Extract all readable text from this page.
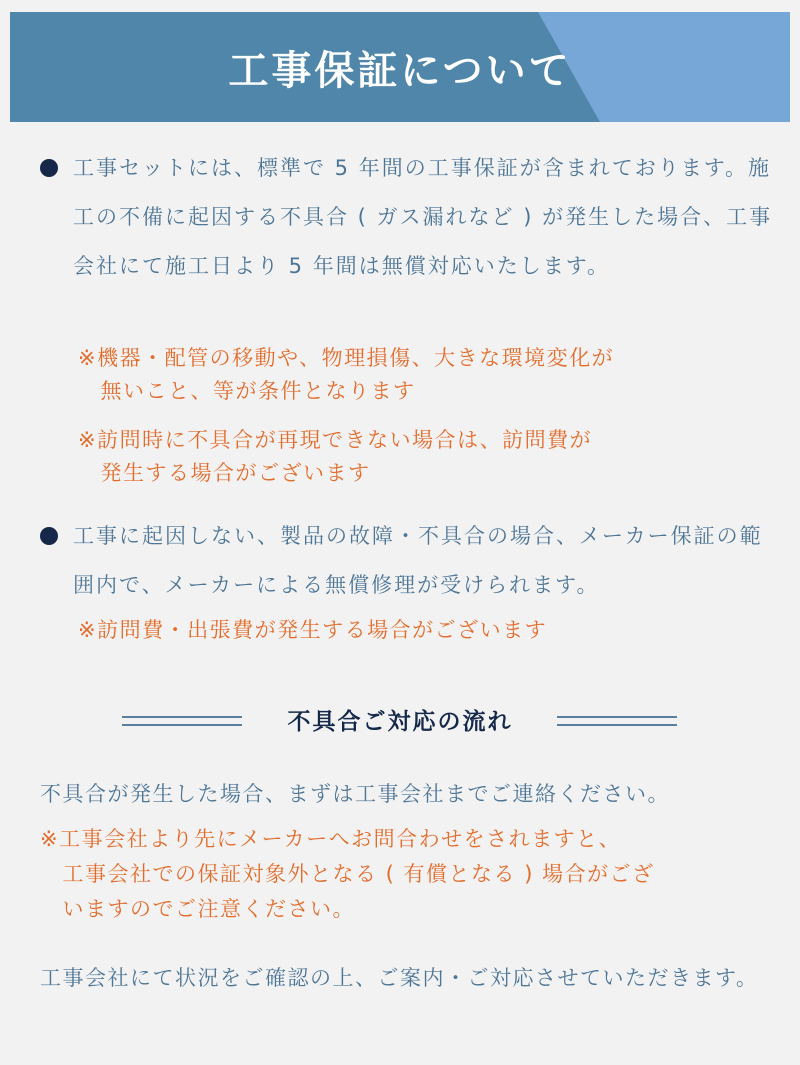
工事保証について
工事セットには、標準で 5 年間の工事保証が含まれております。施工の不備に起因する不具合 ( ガス漏れなど ) が発生した場合、工事会社にて施工日より 5 年間は無償対応いたします。
※機器・配管の移動や、物理損傷、大きな環境変化が
　無いこと、等が条件となります
※訪問時に不具合が再現できない場合は、訪問費が
　発生する場合がございます
工事に起因しない、製品の故障・不具合の場合、メーカー保証の範囲内で、メーカーによる無償修理が受けられます。
※訪問費・出張費が発生する場合がございます
不具合ご対応の流れ
不具合が発生した場合、まずは工事会社までご連絡ください。
※工事会社より先にメーカーへお問合わせをされますと、
　工事会社での保証対象外となる ( 有償となる ) 場合がござ
　いますのでご注意ください。
工事会社にて状況をご確認の上、ご案内・ご対応させていただきます。
